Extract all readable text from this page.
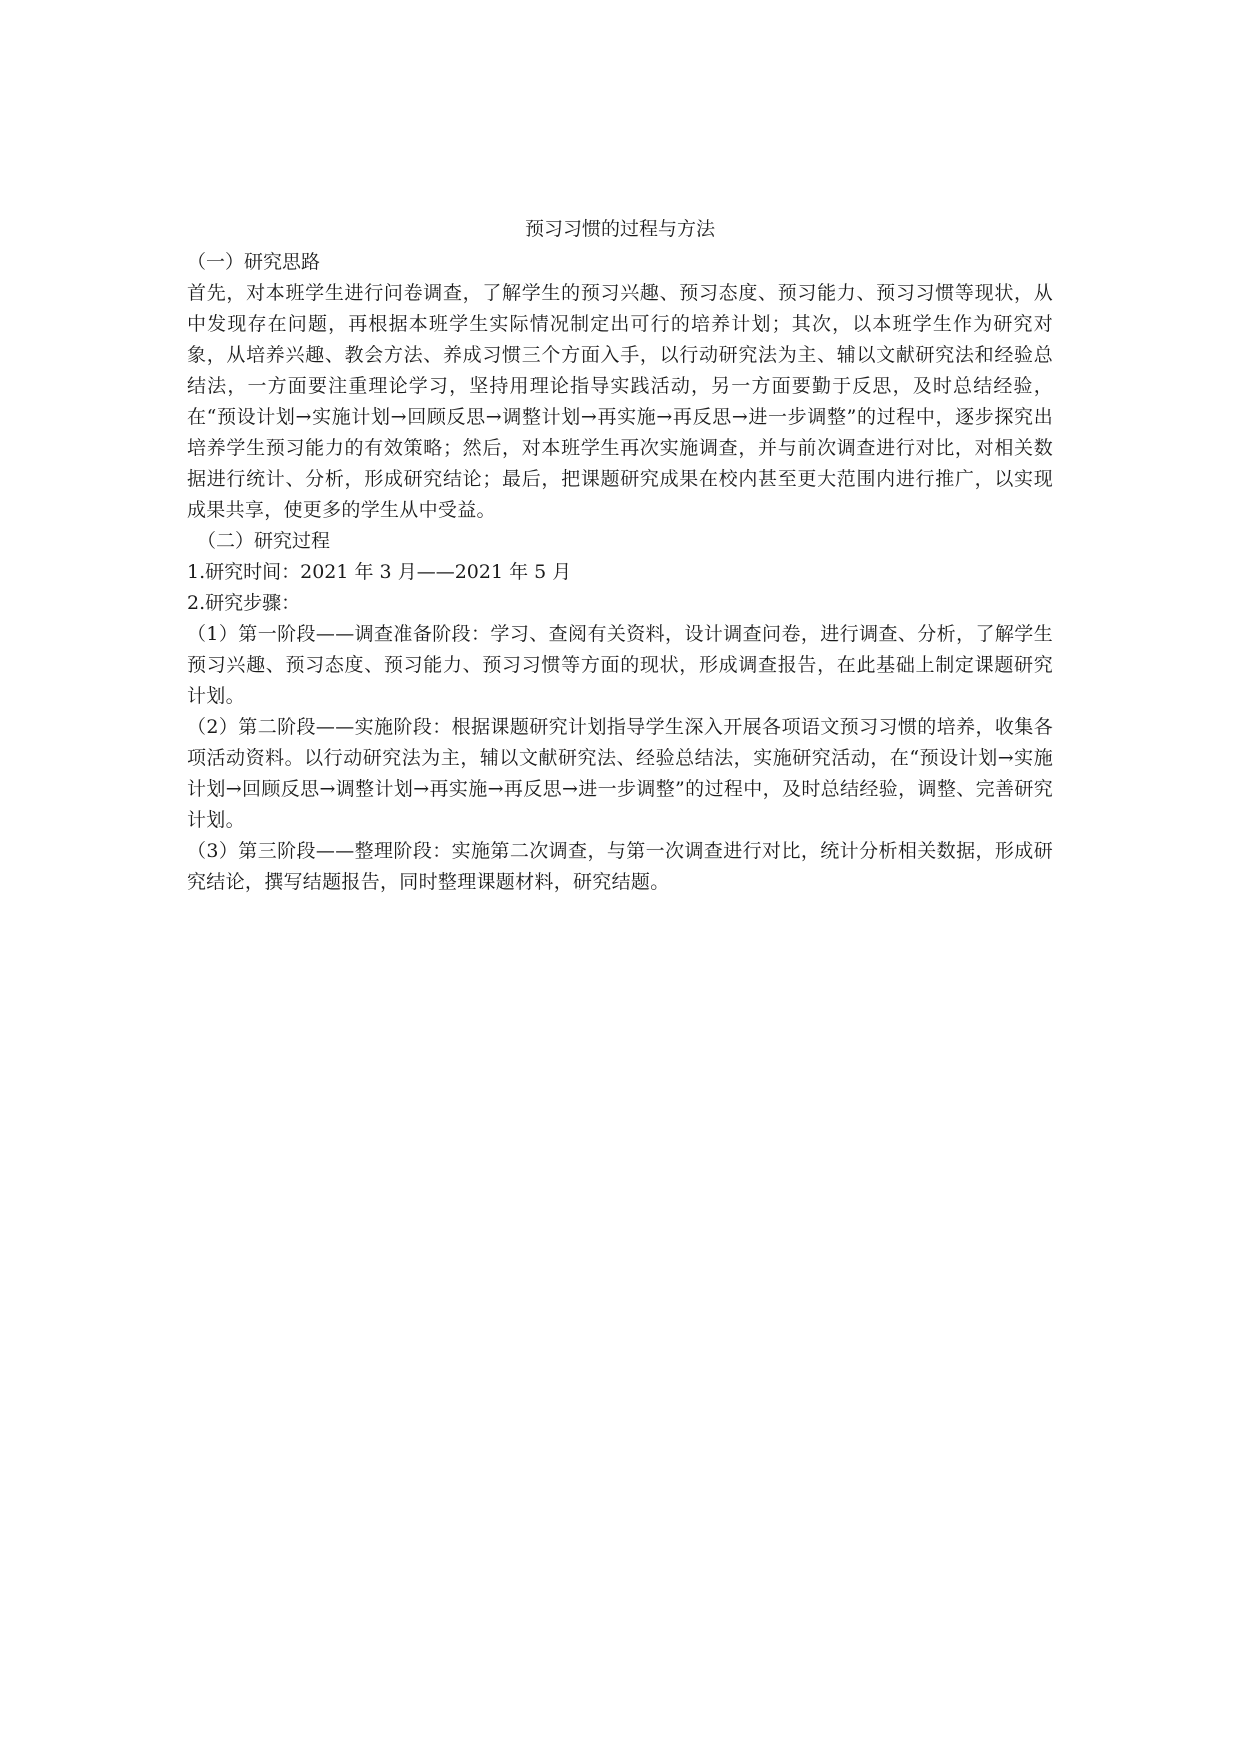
预习习惯的过程与方法

（一）研究思路

首先，对本班学生进行问卷调查，了解学生的预习兴趣、预习态度、预习能力、预习习惯等现状，从中发现存在问题，再根据本班学生实际情况制定出可行的培养计划；其次，以本班学生作为研究对象，从培养兴趣、教会方法、养成习惯三个方面入手，以行动研究法为主、辅以文献研究法和经验总结法，一方面要注重理论学习，坚持用理论指导实践活动，另一方面要勤于反思，及时总结经验，在“预设计划→实施计划→回顾反思→调整计划→再实施→再反思→进一步调整”的过程中，逐步探究出培养学生预习能力的有效策略；然后，对本班学生再次实施调查，并与前次调查进行对比，对相关数据进行统计、分析，形成研究结论；最后，把课题研究成果在校内甚至更大范围内进行推广，以实现成果共享，使更多的学生从中受益。

（二）研究过程

1.研究时间：2021 年 3 月——2021 年 5 月

2.研究步骤：

（1）第一阶段——调查准备阶段：学习、查阅有关资料，设计调查问卷，进行调查、分析，了解学生预习兴趣、预习态度、预习能力、预习习惯等方面的现状，形成调查报告，在此基础上制定课题研究计划。

（2）第二阶段——实施阶段：根据课题研究计划指导学生深入开展各项语文预习习惯的培养，收集各项活动资料。以行动研究法为主，辅以文献研究法、经验总结法，实施研究活动，在“预设计划→实施计划→回顾反思→调整计划→再实施→再反思→进一步调整”的过程中，及时总结经验，调整、完善研究计划。

（3）第三阶段——整理阶段：实施第二次调查，与第一次调查进行对比，统计分析相关数据，形成研究结论，撰写结题报告，同时整理课题材料，研究结题。
